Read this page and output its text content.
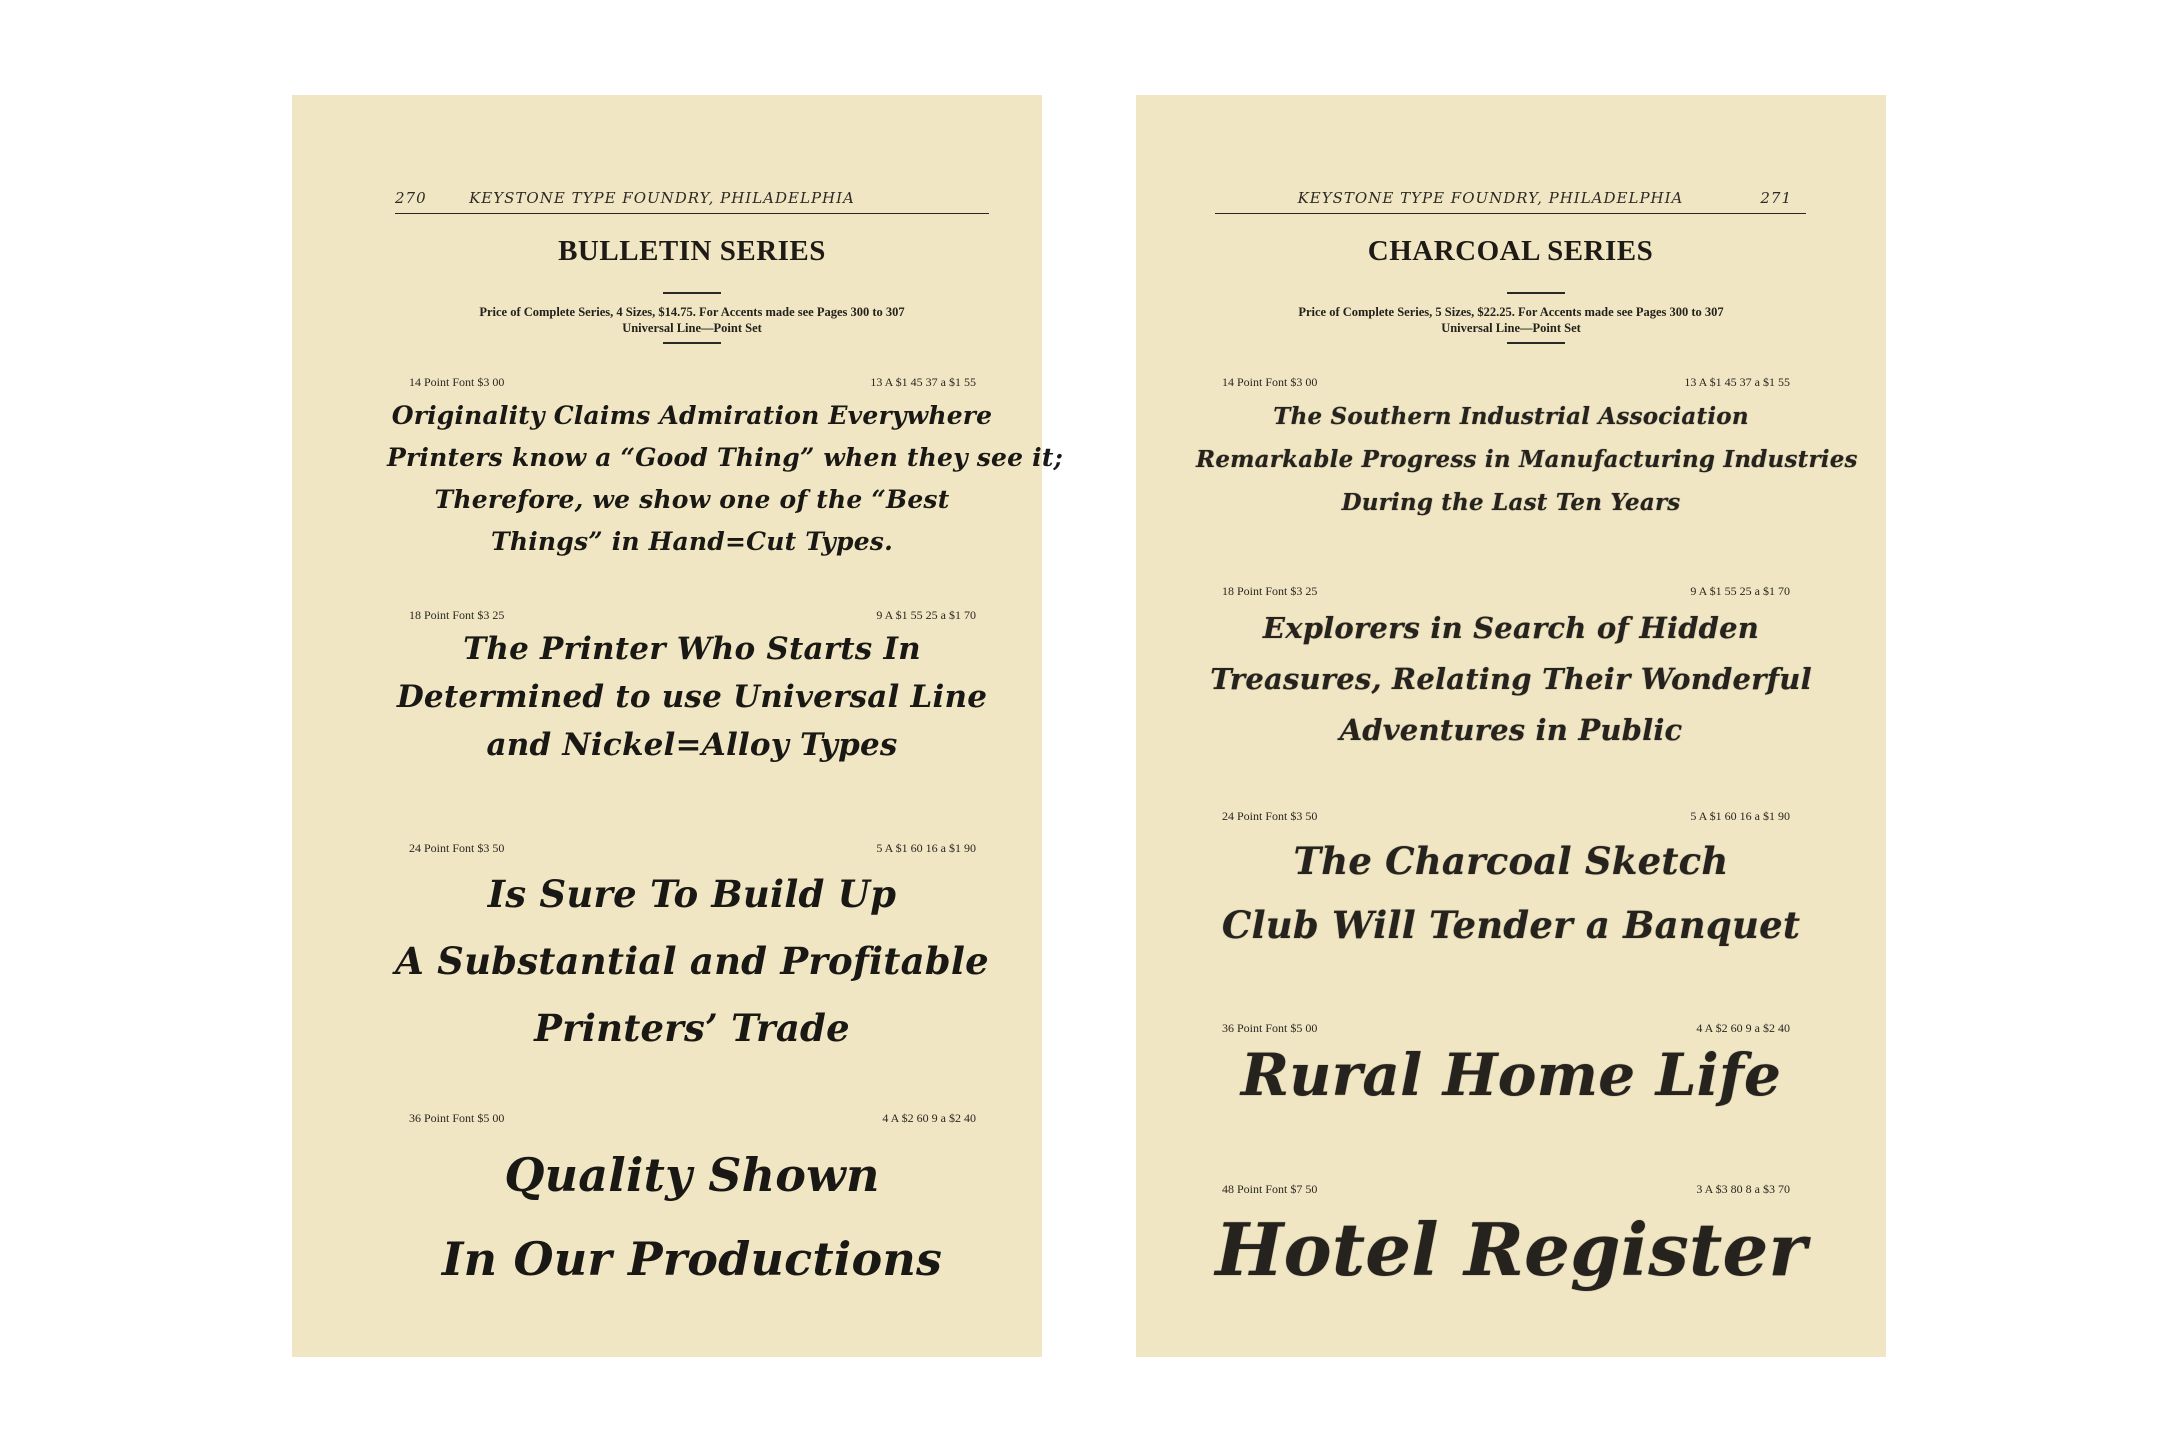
270	KEYSTONE TYPE FOUNDRY, PHILADELPHIA
BULLETIN SERIES
Price of Complete Series, 4 Sizes, $14.75. For Accents made see Pages 300 to 307
Universal Line—Point Set
14 Point Font $3 00	13 A $1 45 37 a $1 55
Originality Claims Admiration Everywhere
Printers know a “Good Thing” when they see it;
Therefore, we show one of the “Best
Things” in Hand=Cut Types.
18 Point Font $3 25	9 A $1 55 25 a $1 70
The Printer Who Starts In
Determined to use Universal Line
and Nickel=Alloy Types
24 Point Font $3 50	5 A $1 60 16 a $1 90
Is Sure To Build Up
A Substantial and Profitable
Printers’ Trade
36 Point Font $5 00	4 A $2 60 9 a $2 40
Quality Shown
In Our Productions
KEYSTONE TYPE FOUNDRY, PHILADELPHIA	271
CHARCOAL SERIES
Price of Complete Series, 5 Sizes, $22.25. For Accents made see Pages 300 to 307
Universal Line—Point Set
14 Point Font $3 00	13 A $1 45 37 a $1 55
The Southern Industrial Association
Remarkable Progress in Manufacturing Industries
During the Last Ten Years
18 Point Font $3 25	9 A $1 55 25 a $1 70
Explorers in Search of Hidden
Treasures, Relating Their Wonderful
Adventures in Public
24 Point Font $3 50	5 A $1 60 16 a $1 90
The Charcoal Sketch
Club Will Tender a Banquet
36 Point Font $5 00	4 A $2 60 9 a $2 40
Rural Home Life
48 Point Font $7 50	3 A $3 80 8 a $3 70
Hotel Register
